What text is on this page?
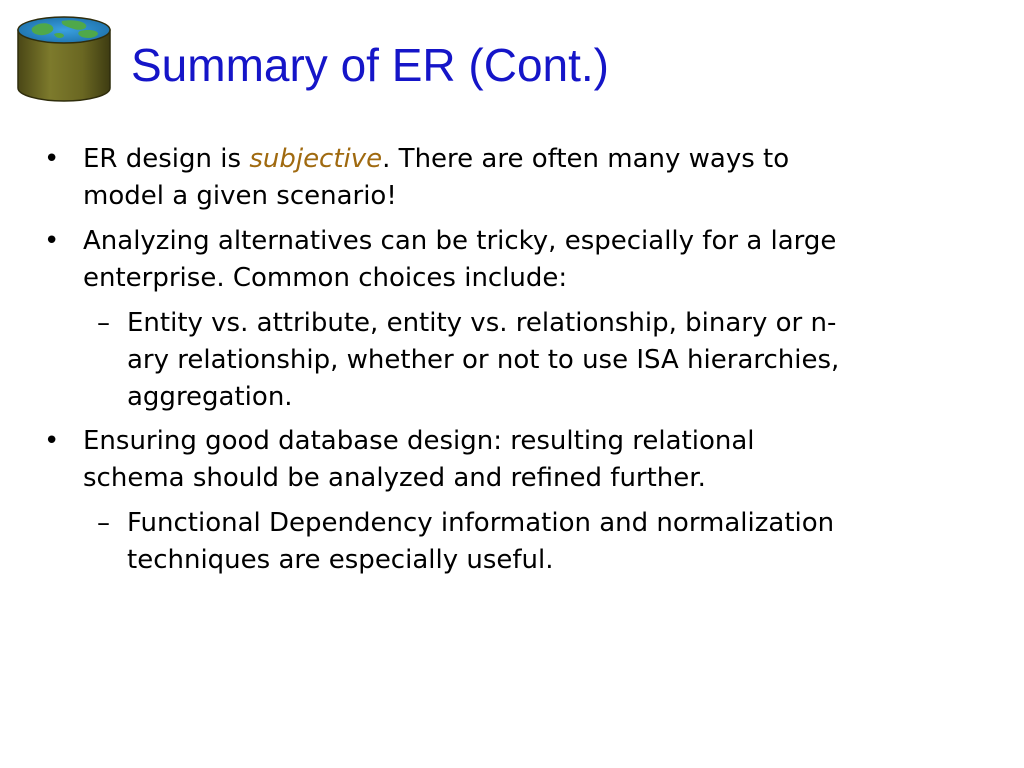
Summary of ER (Cont.)
• ER design is subjective. There are often many ways to
model a given scenario!
• Analyzing alternatives can be tricky, especially for a large
enterprise. Common choices include:
– Entity vs. attribute, entity vs. relationship, binary or n-
ary relationship, whether or not to use ISA hierarchies,
aggregation.
• Ensuring good database design: resulting relational
schema should be analyzed and refined further.
– Functional Dependency information and normalization
techniques are especially useful.
